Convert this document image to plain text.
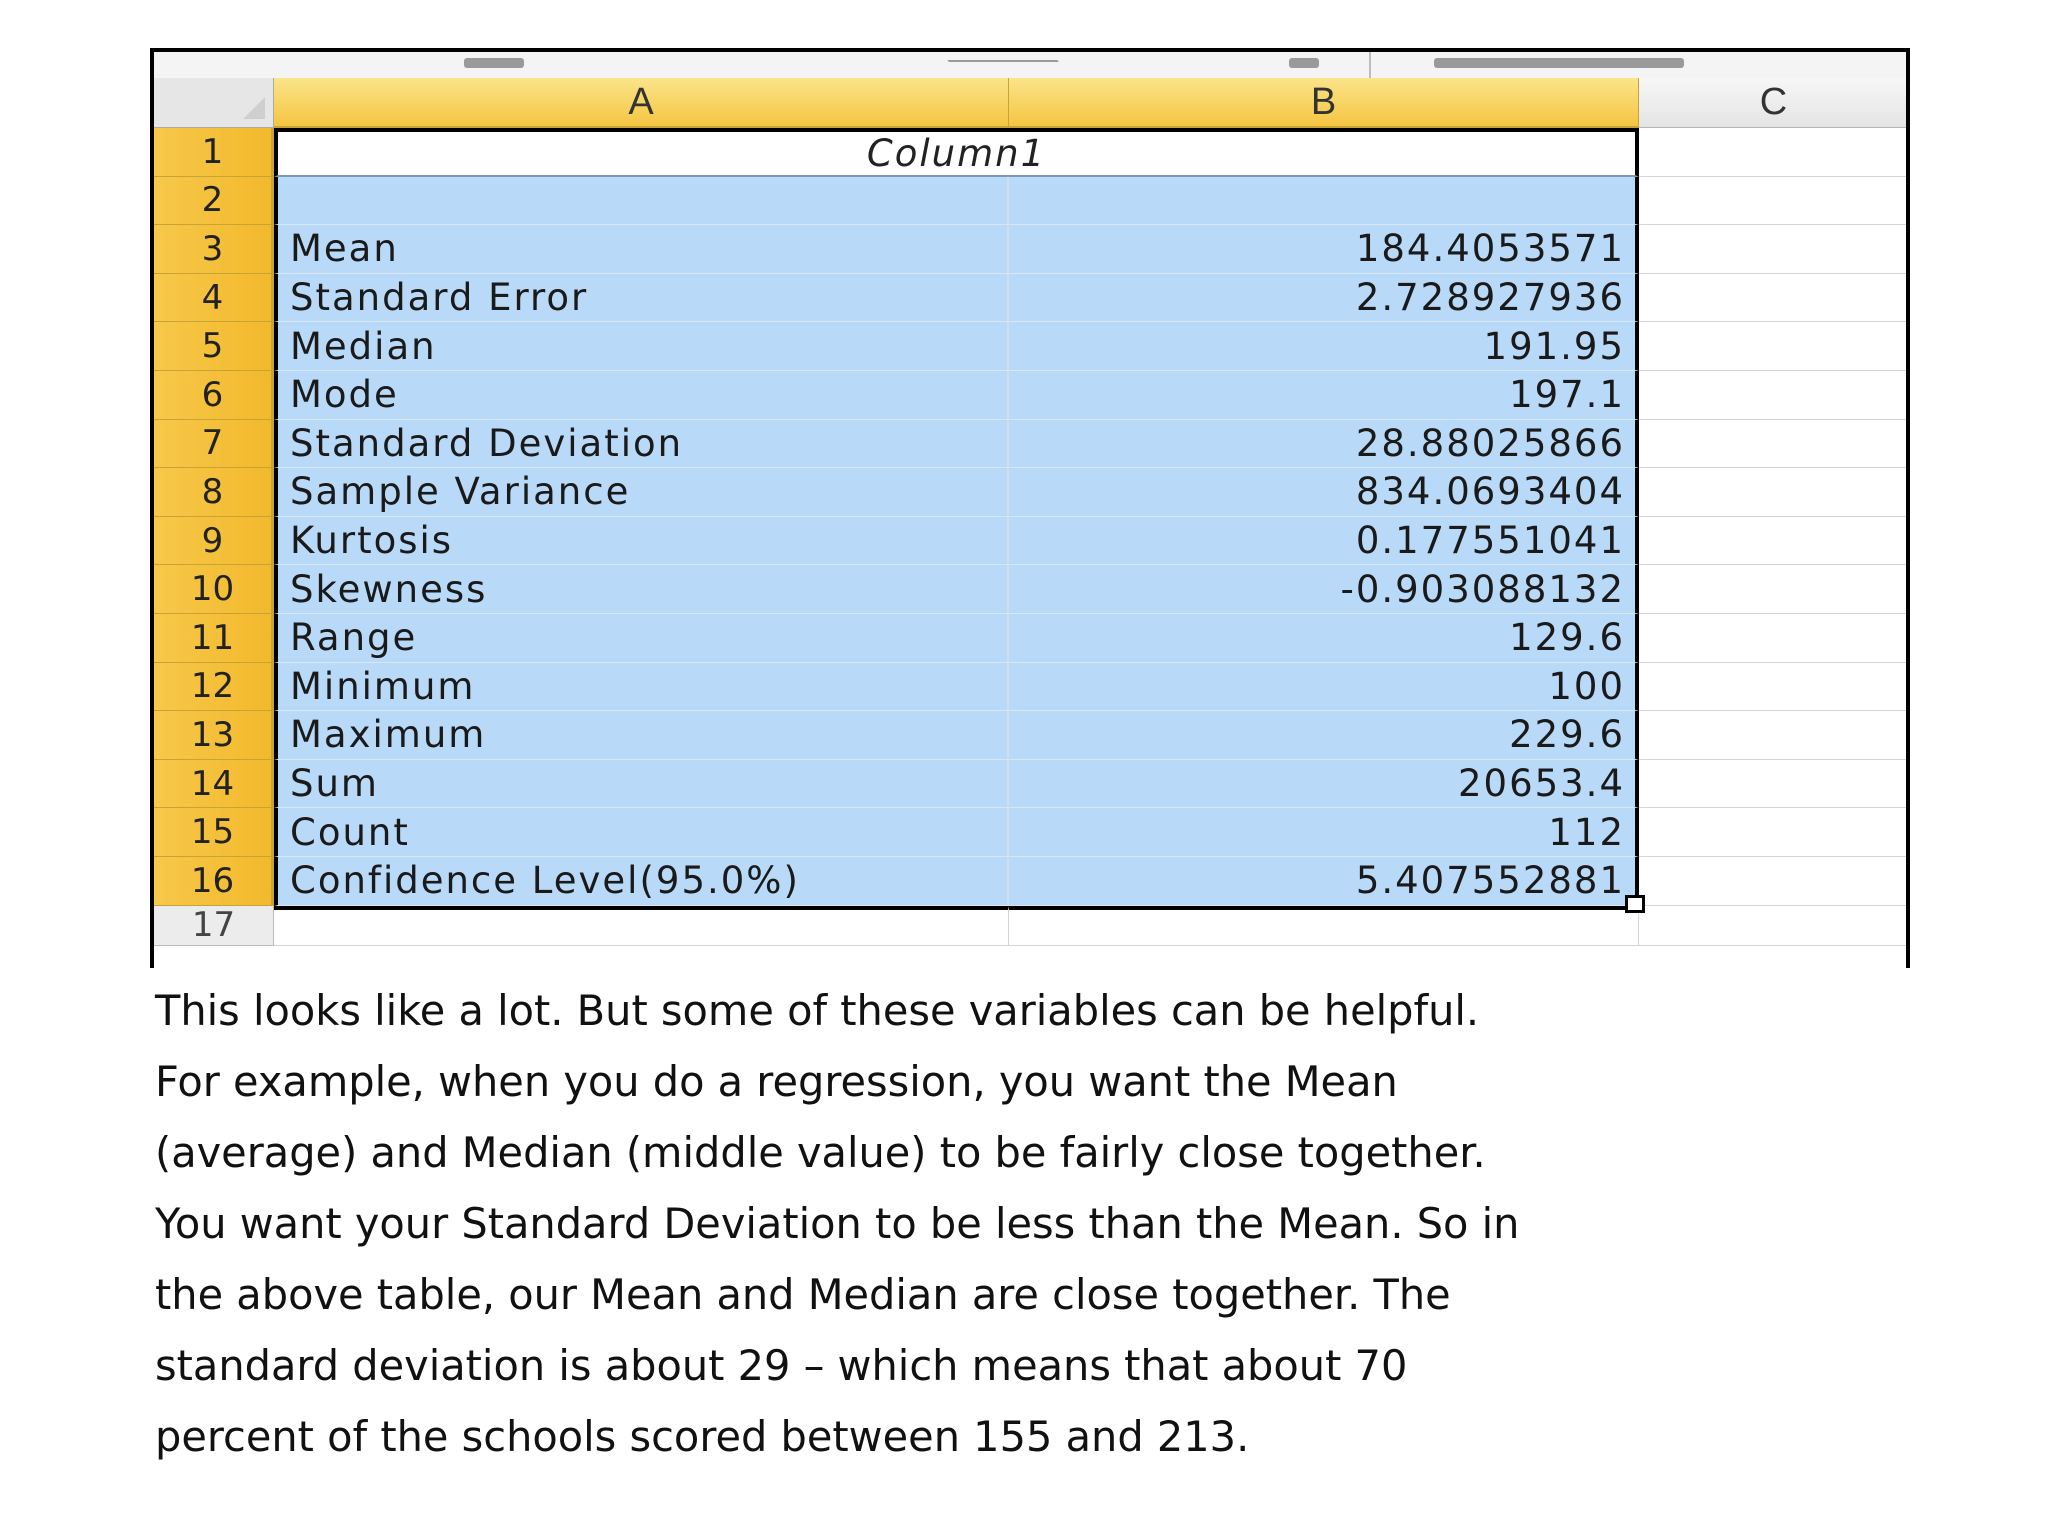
A	B	C
1	Column1
2
3	Mean	184.4053571
4	Standard Error	2.728927936
5	Median	191.95
6	Mode	197.1
7	Standard Deviation	28.88025866
8	Sample Variance	834.0693404
9	Kurtosis	0.177551041
10	Skewness	-0.903088132
11	Range	129.6
12	Minimum	100
13	Maximum	229.6
14	Sum	20653.4
15	Count	112
16	Confidence Level(95.0%)	5.407552881
17

This looks like a lot. But some of these variables can be helpful.

For example, when you do a regression, you want the Mean

(average) and Median (middle value) to be fairly close together.

You want your Standard Deviation to be less than the Mean. So in

the above table, our Mean and Median are close together. The

standard deviation is about 29 – which means that about 70

percent of the schools scored between 155 and 213.
